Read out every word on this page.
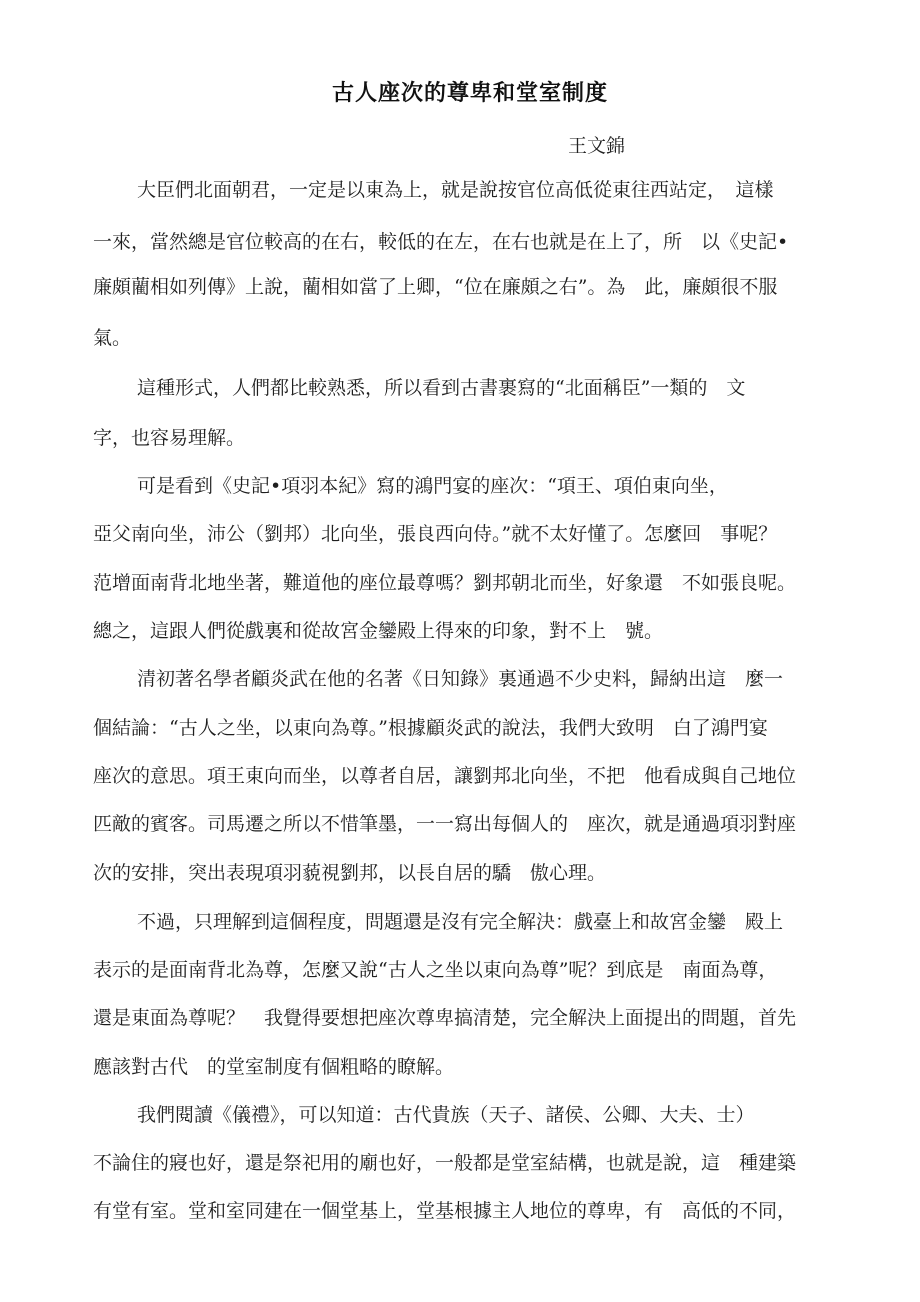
古人座次的尊卑和堂室制度
王文錦
大臣們北面朝君，一定是以東為上，就是說按官位高低從東往西站定，　這樣
一來，當然總是官位較高的在右，較低的在左，在右也就是在上了，所　以《史記•
廉頗藺相如列傳》上說，藺相如當了上卿，“位在廉頗之右”。為　此，廉頗很不服
氣。
這種形式，人們都比較熟悉，所以看到古書裹寫的“北面稱臣”一類的　文
字，也容易理解。
可是看到《史記•項羽本紀》寫的鴻門宴的座次：“項王、項伯東向坐，
亞父南向坐，沛公（劉邦）北向坐，張良西向侍。”就不太好懂了。怎麼回　事呢？
范增面南背北地坐著，難道他的座位最尊嗎？劉邦朝北而坐，好象還　不如張良呢。
總之，這跟人們從戲裏和從故宮金鑾殿上得來的印象，對不上　號。
清初著名學者顧炎武在他的名著《日知錄》裏通過不少史料，歸納出這　麼一
個結論：“古人之坐，以東向為尊。”根據顧炎武的說法，我們大致明　白了鴻門宴
座次的意思。項王東向而坐，以尊者自居，讓劉邦北向坐，不把　他看成與自己地位
匹敵的賓客。司馬遷之所以不惜筆墨，一一寫出每個人的　座次，就是通過項羽對座
次的安排，突出表現項羽藐視劉邦，以長自居的驕　傲心理。
不過，只理解到這個程度，問題還是沒有完全解決：戲臺上和故宮金鑾　殿上
表示的是面南背北為尊，怎麼又說“古人之坐以東向為尊”呢？到底是　南面為尊，
還是東面為尊呢？　我覺得要想把座次尊卑搞清楚，完全解決上面提出的問題，首先
應該對古代　的堂室制度有個粗略的瞭解。
我們閱讀《儀禮》，可以知道：古代貴族（天子、諸侯、公卿、大夫、士）
不論住的寢也好，還是祭祀用的廟也好，一般都是堂室結構，也就是說，這　種建築
有堂有室。堂和室同建在一個堂基上，堂基根據主人地位的尊卑，有　高低的不同，
